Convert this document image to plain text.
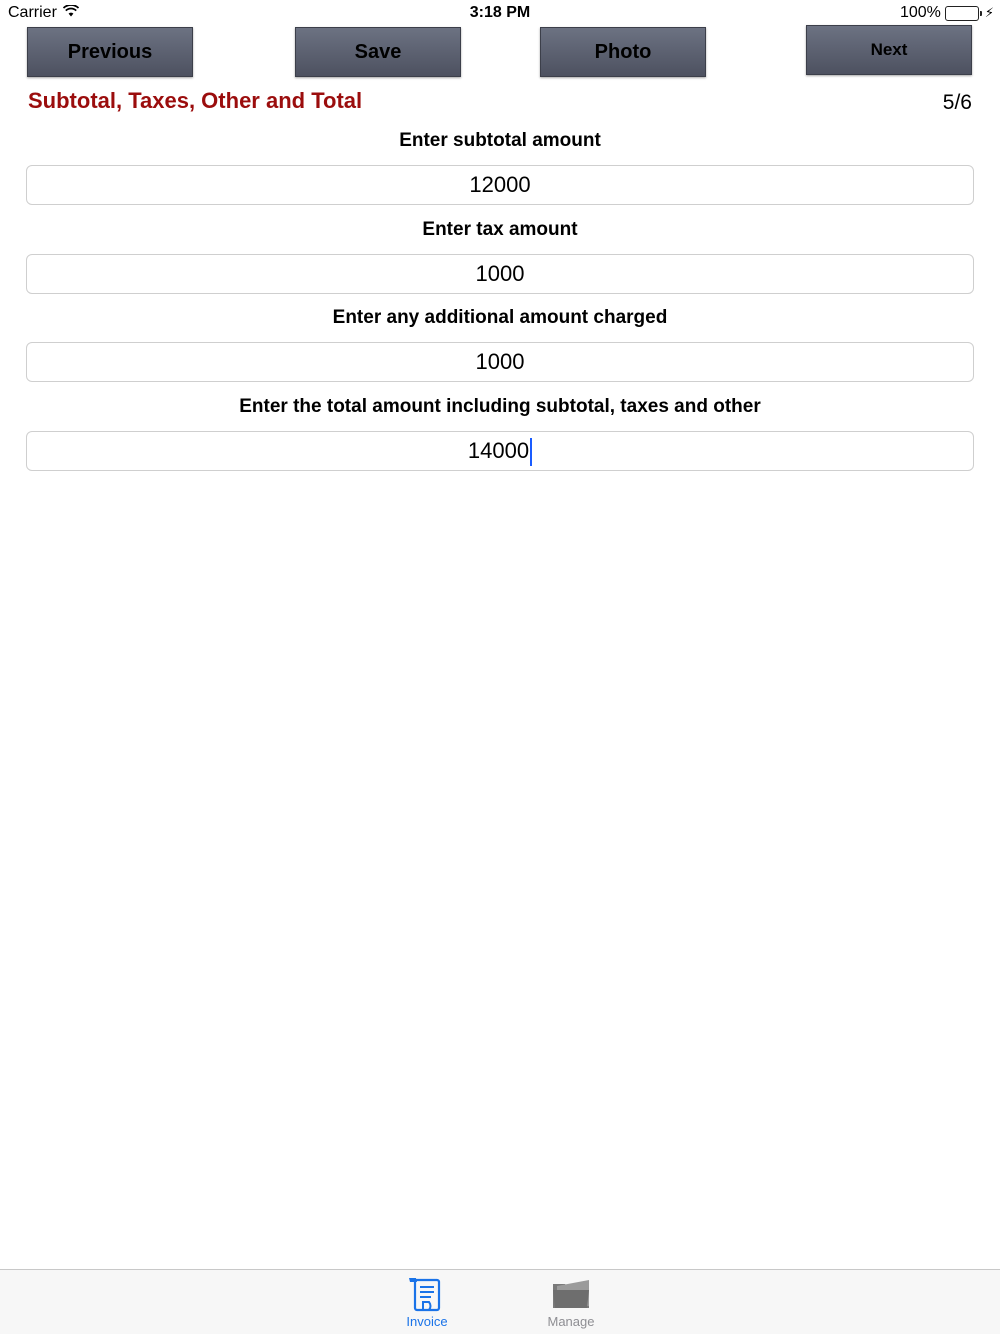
Carrier	3:18 PM	100%	⚡
Previous	Save	Photo	Next
Subtotal, Taxes, Other and Total	5/6
Enter subtotal amount
12000
Enter tax amount
1000
Enter any additional amount charged
1000
Enter the total amount including subtotal, taxes and other
14000
Invoice	Manage
